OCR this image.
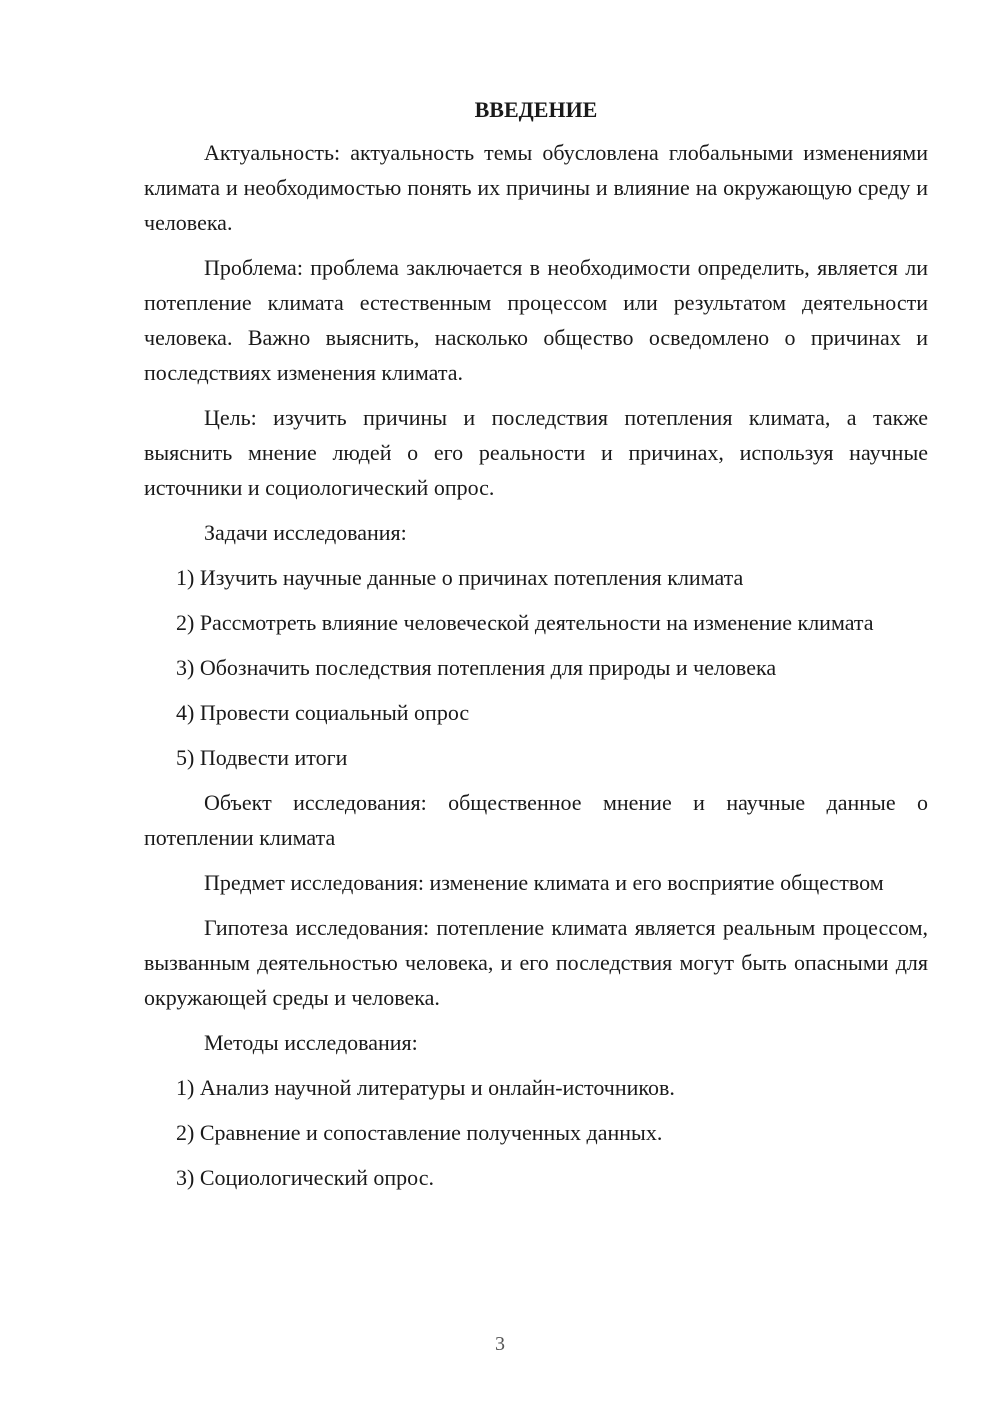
ВВЕДЕНИЕ

Актуальность: актуальность темы обусловлена глобальными изменениями климата и необходимостью понять их причины и влияние на окружающую среду и человека.

Проблема: проблема заключается в необходимости определить, является ли потепление климата естественным процессом или результатом деятельности человека. Важно выяснить, насколько общество осведомлено о причинах и последствиях изменения климата.

Цель: изучить причины и последствия потепления климата, а также выяснить мнение людей о его реальности и причинах, используя научные источники и социологический опрос.

Задачи исследования:

1) Изучить научные данные о причинах потепления климата

2) Рассмотреть влияние человеческой деятельности на изменение климата

3) Обозначить последствия потепления для природы и человека

4) Провести социальный опрос

5) Подвести итоги

Объект исследования: общественное мнение и научные данные о потеплении климата

Предмет исследования: изменение климата и его восприятие обществом

Гипотеза исследования: потепление климата является реальным процессом, вызванным деятельностью человека, и его последствия могут быть опасными для окружающей среды и человека.

Методы исследования:

1) Анализ научной литературы и онлайн-источников.

2) Сравнение и сопоставление полученных данных.

3) Социологический опрос.

3
